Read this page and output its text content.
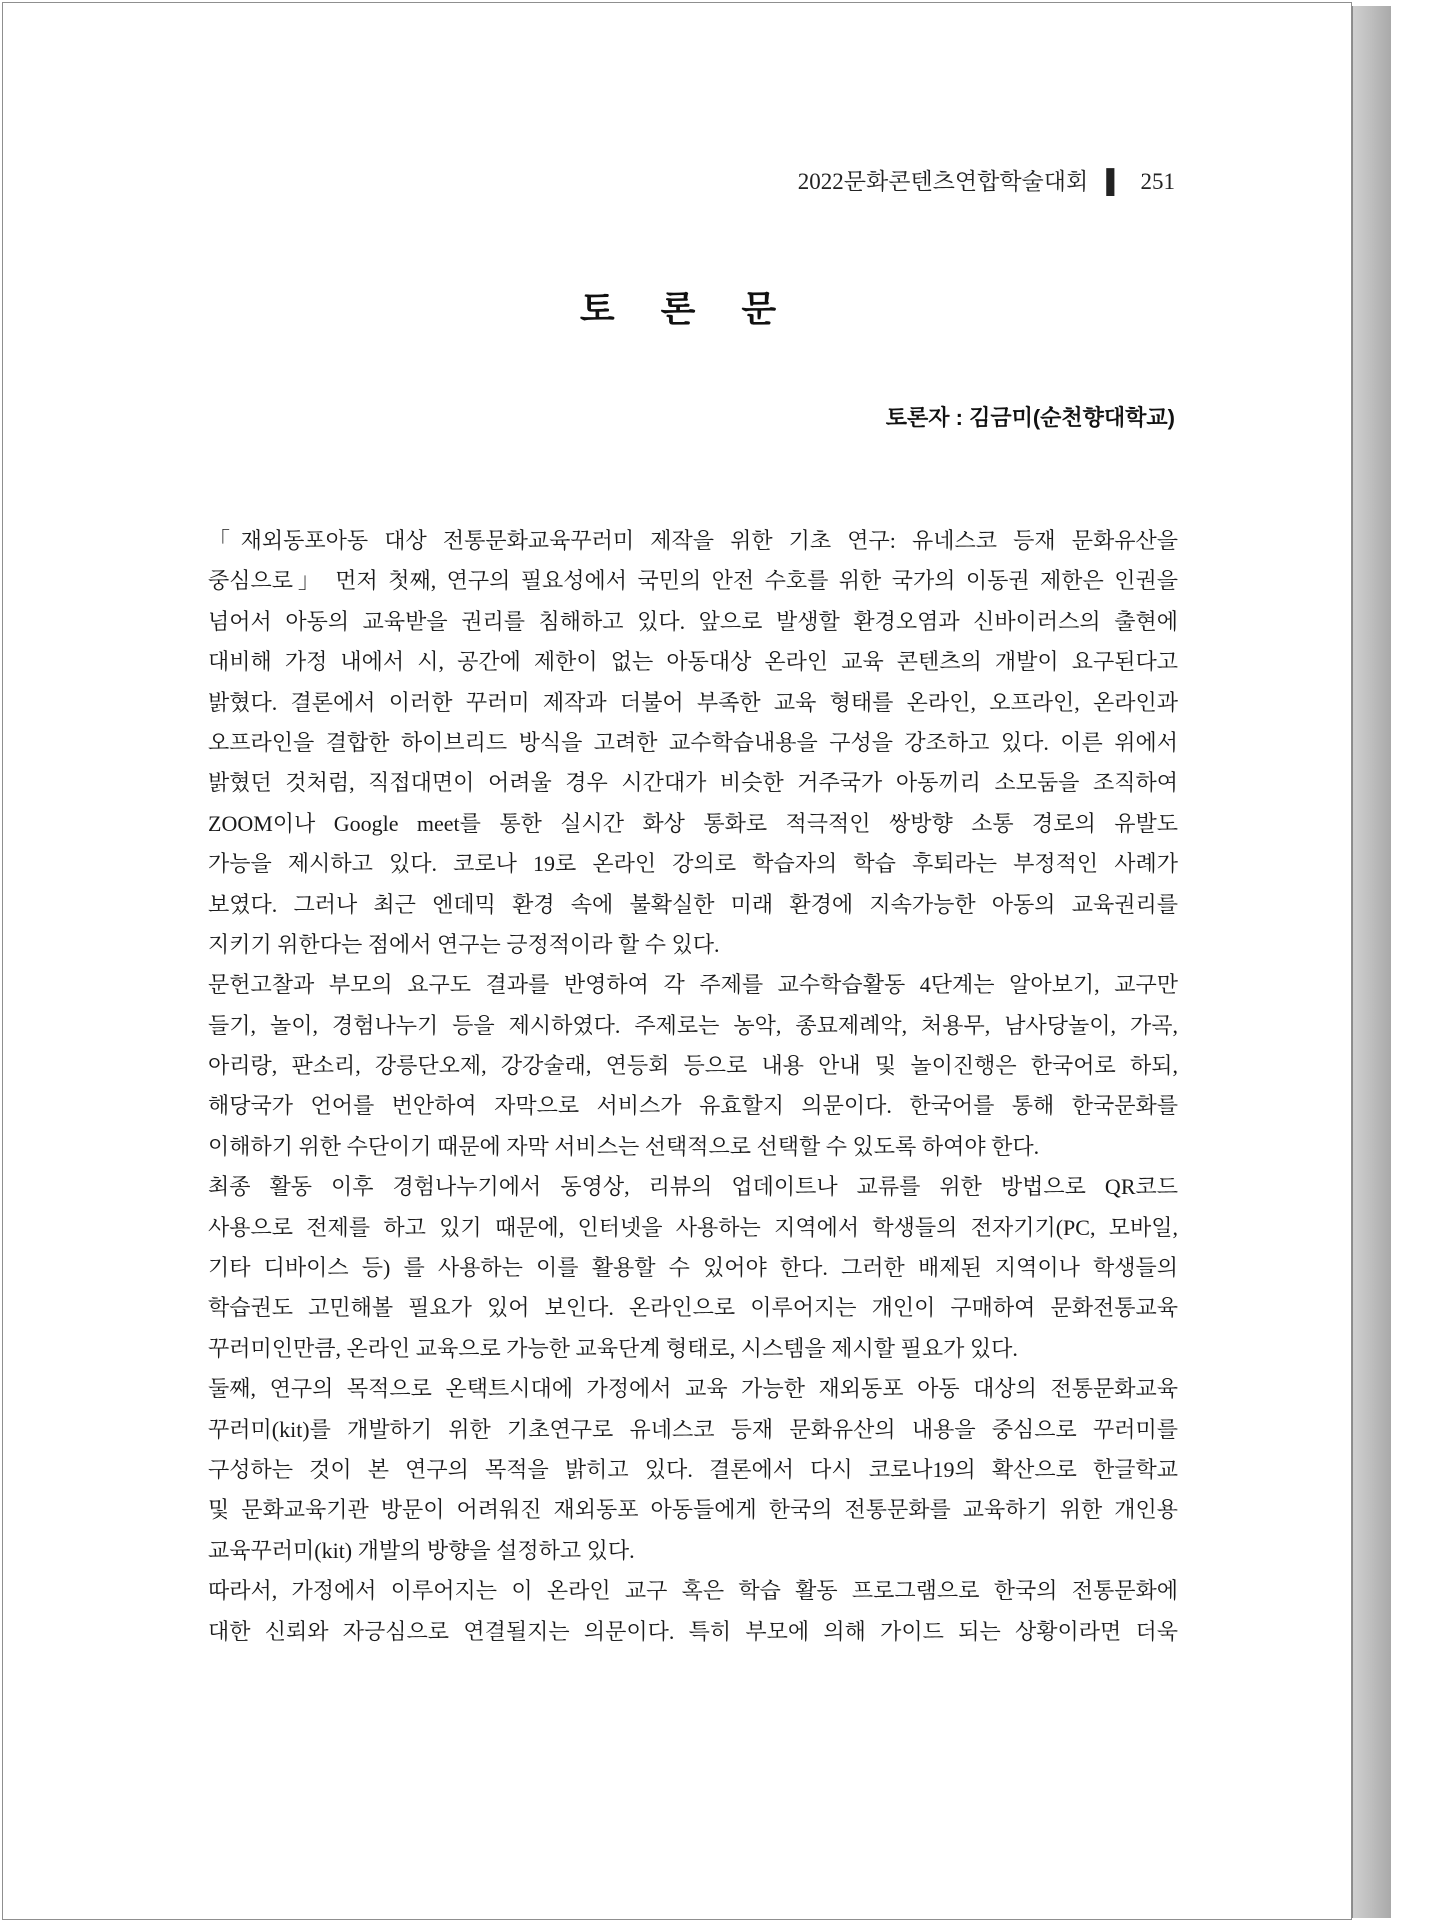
2022문화콘텐츠연합학술대회 ▌ 251
토 론 문
토론자 : 김금미(순천향대학교)
「재외동포아동 대상 전통문화교육꾸러미 제작을 위한 기초 연구: 유네스코 등재 문화유산을
중심으로」 먼저 첫째, 연구의 필요성에서 국민의 안전 수호를 위한 국가의 이동권 제한은 인권을
넘어서 아동의 교육받을 권리를 침해하고 있다. 앞으로 발생할 환경오염과 신바이러스의 출현에
대비해 가정 내에서 시, 공간에 제한이 없는 아동대상 온라인 교육 콘텐츠의 개발이 요구된다고
밝혔다. 결론에서 이러한 꾸러미 제작과 더불어 부족한 교육 형태를 온라인, 오프라인, 온라인과
오프라인을 결합한 하이브리드 방식을 고려한 교수학습내용을 구성을 강조하고 있다. 이른 위에서
밝혔던 것처럼, 직접대면이 어려울 경우 시간대가 비슷한 거주국가 아동끼리 소모둠을 조직하여
ZOOM이나 Google meet를 통한 실시간 화상 통화로 적극적인 쌍방향 소통 경로의 유발도
가능을 제시하고 있다. 코로나 19로 온라인 강의로 학습자의 학습 후퇴라는 부정적인 사례가
보였다. 그러나 최근 엔데믹 환경 속에 불확실한 미래 환경에 지속가능한 아동의 교육권리를
지키기 위한다는 점에서 연구는 긍정적이라 할 수 있다.
문헌고찰과 부모의 요구도 결과를 반영하여 각 주제를 교수학습활동 4단계는 알아보기, 교구만
들기, 놀이, 경험나누기 등을 제시하였다. 주제로는 농악, 종묘제례악, 처용무, 남사당놀이, 가곡,
아리랑, 판소리, 강릉단오제, 강강술래, 연등회 등으로 내용 안내 및 놀이진행은 한국어로 하되,
해당국가 언어를 번안하여 자막으로 서비스가 유효할지 의문이다. 한국어를 통해 한국문화를
이해하기 위한 수단이기 때문에 자막 서비스는 선택적으로 선택할 수 있도록 하여야 한다.
최종 활동 이후 경험나누기에서 동영상, 리뷰의 업데이트나 교류를 위한 방법으로 QR코드
사용으로 전제를 하고 있기 때문에, 인터넷을 사용하는 지역에서 학생들의 전자기기(PC, 모바일,
기타 디바이스 등) 를 사용하는 이를 활용할 수 있어야 한다. 그러한 배제된 지역이나 학생들의
학습권도 고민해볼 필요가 있어 보인다. 온라인으로 이루어지는 개인이 구매하여 문화전통교육
꾸러미인만큼, 온라인 교육으로 가능한 교육단계 형태로, 시스템을 제시할 필요가 있다.
둘째, 연구의 목적으로 온택트시대에 가정에서 교육 가능한 재외동포 아동 대상의 전통문화교육
꾸러미(kit)를 개발하기 위한 기초연구로 유네스코 등재 문화유산의 내용을 중심으로 꾸러미를
구성하는 것이 본 연구의 목적을 밝히고 있다. 결론에서 다시 코로나19의 확산으로 한글학교
및 문화교육기관 방문이 어려워진 재외동포 아동들에게 한국의 전통문화를 교육하기 위한 개인용
교육꾸러미(kit) 개발의 방향을 설정하고 있다.
따라서, 가정에서 이루어지는 이 온라인 교구 혹은 학습 활동 프로그램으로 한국의 전통문화에
대한 신뢰와 자긍심으로 연결될지는 의문이다. 특히 부모에 의해 가이드 되는 상황이라면 더욱
